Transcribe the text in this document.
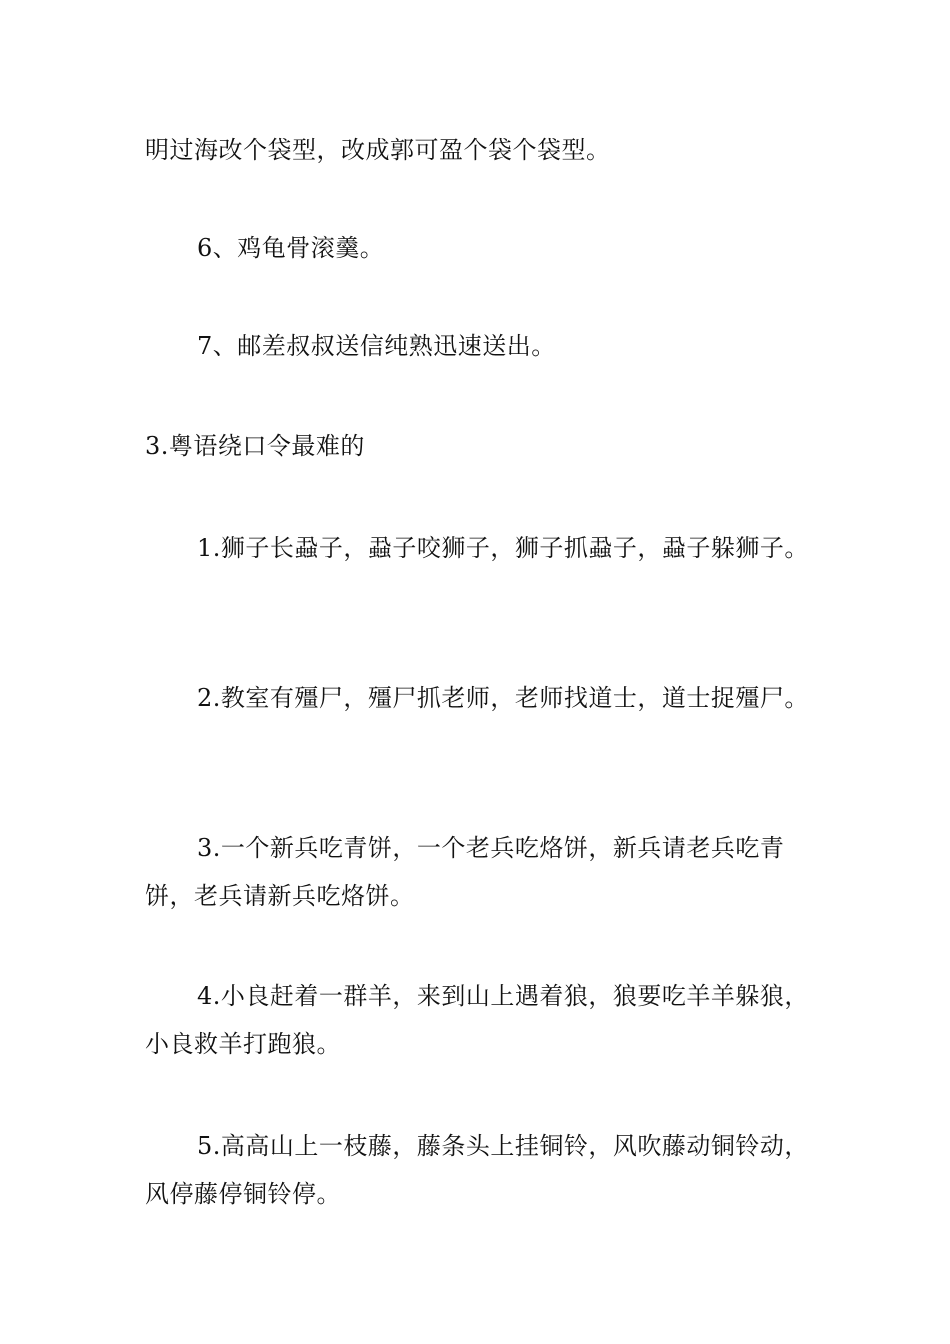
明过海改个袋型，改成郭可盈个袋个袋型。

6、鸡龟骨滚羹。

7、邮差叔叔送信纯熟迅速送出。

3.粤语绕口令最难的

1.狮子长蝨子，蝨子咬狮子，狮子抓蝨子，蝨子躲狮子。

2.教室有殭尸，殭尸抓老师，老师找道士，道士捉殭尸。

3.一个新兵吃青饼，一个老兵吃烙饼，新兵请老兵吃青饼，老兵请新兵吃烙饼。

4.小良赶着一群羊，来到山上遇着狼，狼要吃羊羊躲狼，小良救羊打跑狼。

5.高高山上一枝藤，藤条头上挂铜铃，风吹藤动铜铃动，风停藤停铜铃停。
